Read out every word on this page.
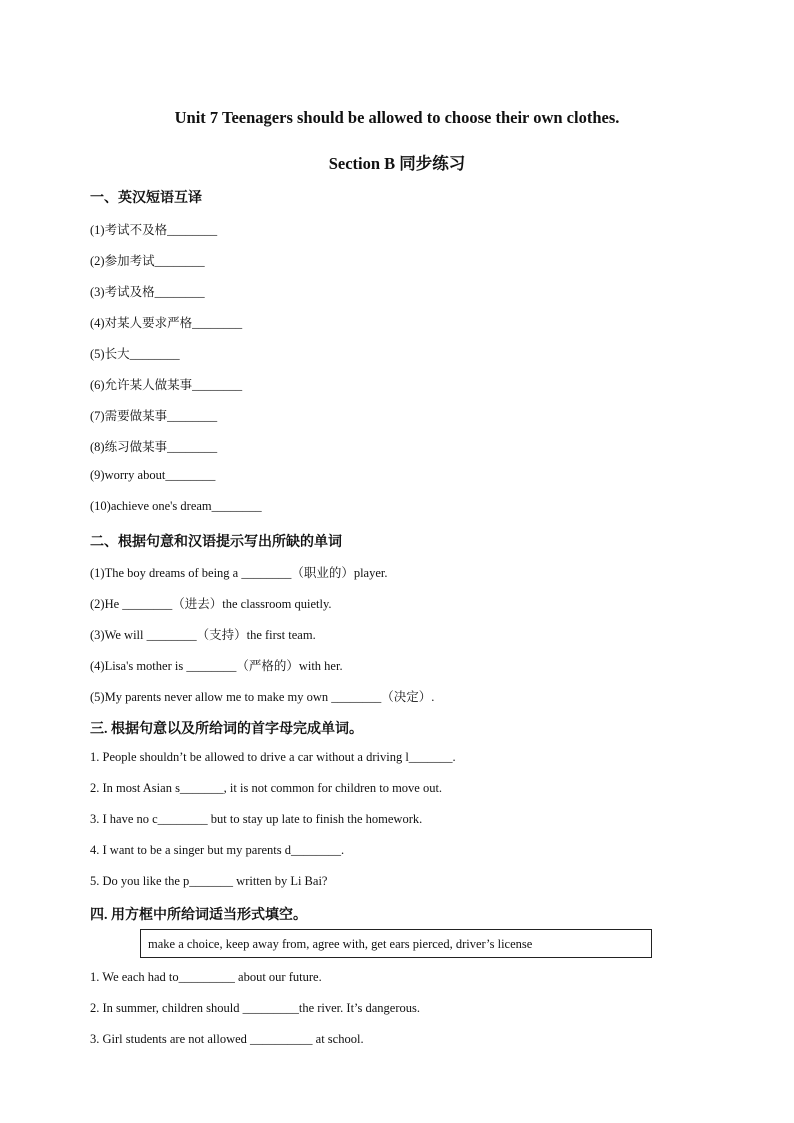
Unit 7 Teenagers should be allowed to choose their own clothes.
Section B 同步练习
一、英汉短语互译
(1)考试不及格________
(2)参加考试________
(3)考试及格________
(4)对某人要求严格________
(5)长大________
(6)允许某人做某事________
(7)需要做某事________
(8)练习做某事________
(9)worry about________
(10)achieve one's dream________
二、根据句意和汉语提示写出所缺的单词
(1)The boy dreams of being a ________（职业的）player.
(2)He ________（进去）the classroom quietly.
(3)We will ________（支持）the first team.
(4)Lisa's mother is ________（严格的）with her.
(5)My parents never allow me to make my own ________（决定）.
三. 根据句意以及所给词的首字母完成单词。
1. People shouldn’t be allowed to drive a car without a driving l_______.
2. In most Asian s_______, it is not common for children to move out.
3. I have no c________ but to stay up late to finish the homework.
4. I want to be a singer but my parents d________.
5. Do you like the p_______ written by Li Bai?
四. 用方框中所给词适当形式填空。
make a choice, keep away from, agree with, get ears pierced, driver’s license
1. We each had to_________ about our future.
2. In summer, children should _________the river. It’s dangerous.
3. Girl students are not allowed __________ at school.
